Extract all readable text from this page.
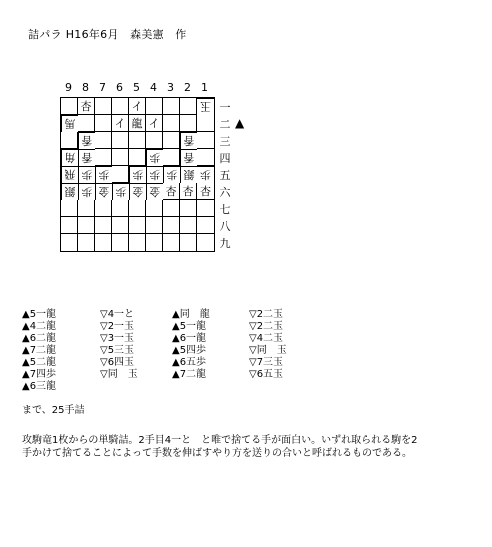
詰パラ H16年6月　森美憲　作
9 8 7 6 5 4 3 2 1
杏	イ	玉
馬	イ 龍 イ
香	香
角 香	歩	香
飛 歩 歩	歩 歩 歩 銀 歩
銀 歩 金 歩 金 金 杏 杏 杏
一
二
三
四
五
六
七
八
九
▲
▲5一龍	▽4一と	▲同　龍	▽2二玉
▲4二龍	▽2一玉	▲5一龍	▽2二玉
▲6二龍	▽3一玉	▲6一龍	▽4二玉
▲7二龍	▽5三玉	▲5四歩	▽同　玉
▲5二龍	▽6四玉	▲6五歩	▽7三玉
▲7四歩	▽同　玉	▲7二龍	▽6五玉
▲6三龍
まで、25手詰
攻駒竜1枚からの単騎詰。2手目4一と　と唯で捨てる手が面白い。いずれ取られる駒を2手かけて捨てることによって手数を伸ばすやり方を送りの合いと呼ばれるものである。
